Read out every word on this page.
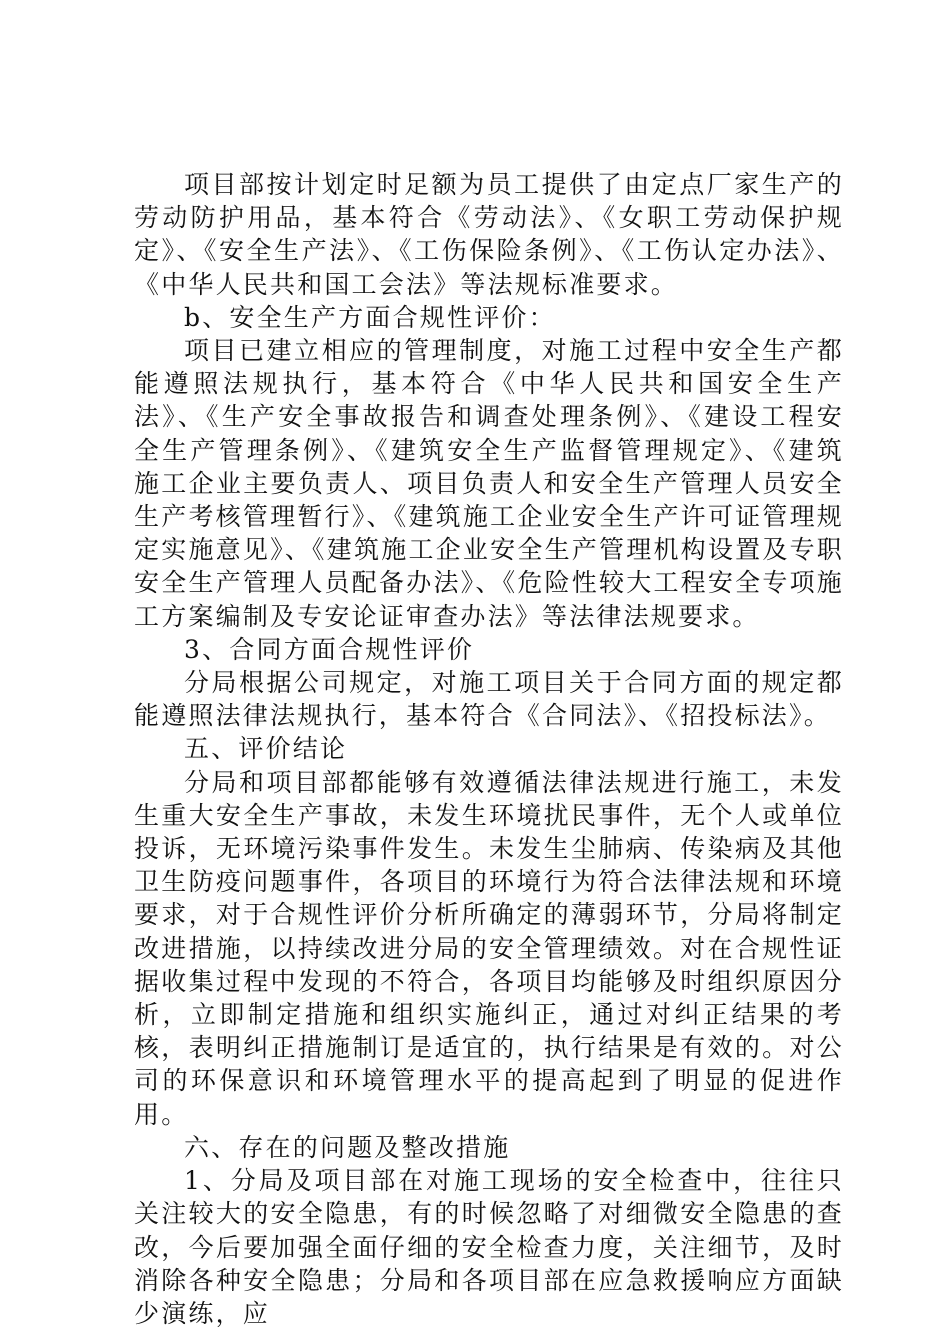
项目部按计划定时足额为员工提供了由定点厂家生产的劳动防护用品，基本符合《劳动法》、《女职工劳动保护规定》、《安全生产法》、《工伤保险条例》、《工伤认定办法》、《中华人民共和国工会法》等法规标准要求。

b、安全生产方面合规性评价：

项目已建立相应的管理制度，对施工过程中安全生产都能遵照法规执行，基本符合《中华人民共和国安全生产法》、《生产安全事故报告和调查处理条例》、《建设工程安全生产管理条例》、《建筑安全生产监督管理规定》、《建筑施工企业主要负责人、项目负责人和安全生产管理人员安全生产考核管理暂行》、《建筑施工企业安全生产许可证管理规定实施意见》、《建筑施工企业安全生产管理机构设置及专职安全生产管理人员配备办法》、《危险性较大工程安全专项施工方案编制及专安论证审查办法》等法律法规要求。

3、合同方面合规性评价

分局根据公司规定，对施工项目关于合同方面的规定都能遵照法律法规执行，基本符合《合同法》、《招投标法》。

五、评价结论

分局和项目部都能够有效遵循法律法规进行施工，未发生重大安全生产事故，未发生环境扰民事件，无个人或单位投诉，无环境污染事件发生。未发生尘肺病、传染病及其他卫生防疫问题事件，各项目的环境行为符合法律法规和环境要求，对于合规性评价分析所确定的薄弱环节，分局将制定改进措施，以持续改进分局的安全管理绩效。对在合规性证据收集过程中发现的不符合，各项目均能够及时组织原因分析，立即制定措施和组织实施纠正，通过对纠正结果的考核，表明纠正措施制订是适宜的，执行结果是有效的。对公司的环保意识和环境管理水平的提高起到了明显的促进作用。

六、存在的问题及整改措施

1、分局及项目部在对施工现场的安全检查中，往往只关注较大的安全隐患，有的时候忽略了对细微安全隐患的查改，今后要加强全面仔细的安全检查力度，关注细节，及时消除各种安全隐患；分局和各项目部在应急救援响应方面缺少演练，应
